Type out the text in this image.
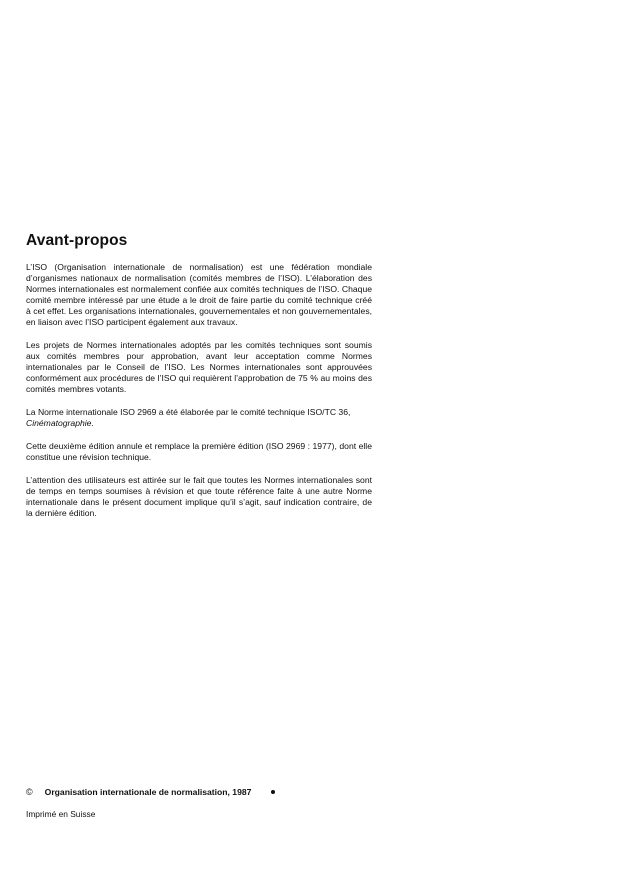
Avant-propos

L’ISO (Organisation internationale de normalisation) est une fédération mondiale d’organismes nationaux de normalisation (comités membres de l’ISO). L’élaboration des Normes internationales est normalement confiée aux comités techniques de l’ISO. Chaque comité membre intéressé par une étude a le droit de faire partie du comité technique créé à cet effet. Les organisations internationales, gouvernementales et non gouvernementales, en liaison avec l’ISO participent également aux travaux.

Les projets de Normes internationales adoptés par les comités techniques sont soumis aux comités membres pour approbation, avant leur acceptation comme Normes internationales par le Conseil de l’ISO. Les Normes internationales sont approuvées conformément aux procédures de l’ISO qui requièrent l’approbation de 75 % au moins des comités membres votants.

La Norme internationale ISO 2969 a été élaborée par le comité technique ISO/TC 36,
Cinématographie.

Cette deuxième édition annule et remplace la première édition (ISO 2969 : 1977), dont elle constitue une révision technique.

L’attention des utilisateurs est attirée sur le fait que toutes les Normes internationales sont de temps en temps soumises à révision et que toute référence faite à une autre Norme internationale dans le présent document implique qu’il s’agit, sauf indication contraire, de la dernière édition.

© Organisation internationale de normalisation, 1987
Imprimé en Suisse
